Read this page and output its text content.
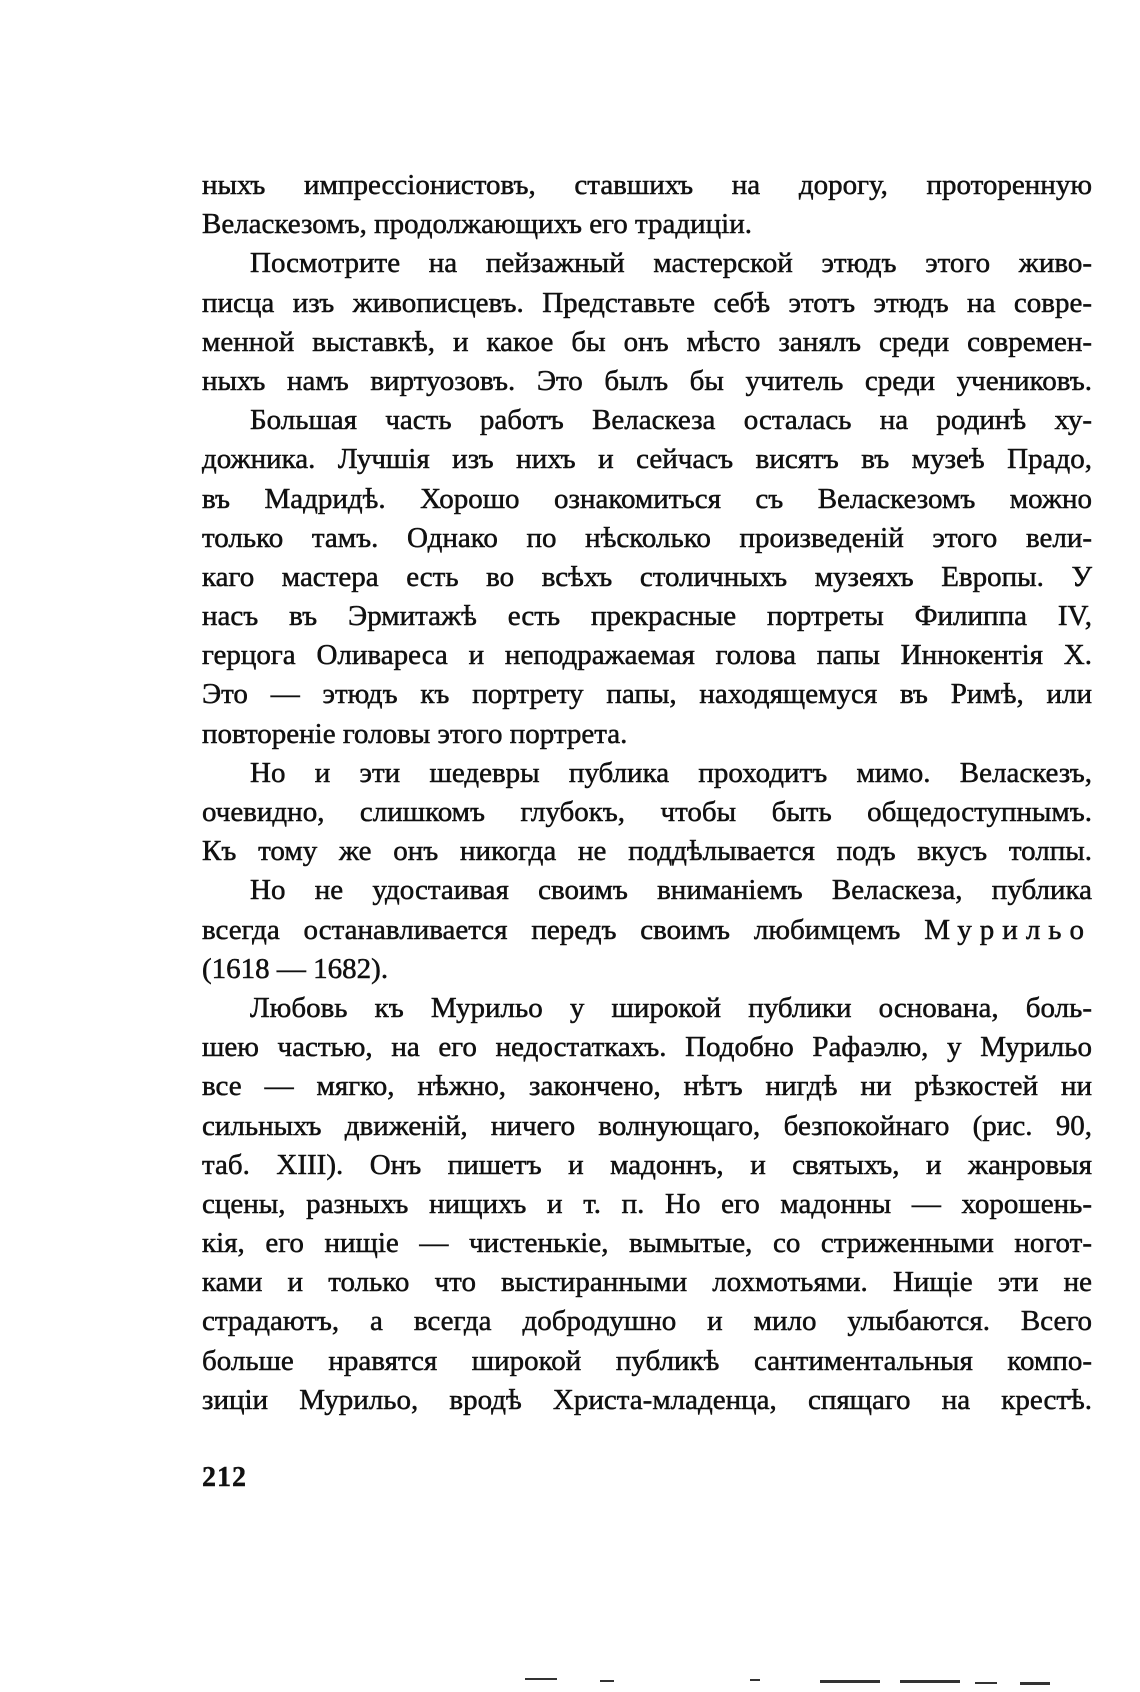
ныхъ импрессіонистовъ, ставшихъ на дорогу, протоpенную
Веласкезомъ, продолжающихъ его традиціи.
Посмотрите на пейзажный мастерской этюдъ этого живо-
писца изъ живописцевъ. Представьте себѣ этотъ этюдъ на совре-
менной выставкѣ, и какое бы онъ мѣсто занялъ среди современ-
ныхъ намъ виртуозовъ. Это былъ бы учитель среди учениковъ.
Большая часть работъ Веласкеза осталась на родинѣ ху-
дожника. Лучшія изъ нихъ и сейчасъ висятъ въ музеѣ Прадо,
въ Мадридѣ. Хорошо ознакомиться съ Веласкезомъ можно
только тамъ. Однако по нѣсколько произведеній этого вели-
каго мастера есть во всѣхъ столичныхъ музеяхъ Европы. У
насъ въ Эрмитажѣ есть прекрасные портреты Филиппа IV,
герцога Оливареса и неподражаемая голова папы Иннокентія X.
Это — этюдъ къ портрету папы, находящемуся въ Римѣ, или
повтореніе головы этого портрета.
Но и эти шедевры публика проходитъ мимо. Веласкезъ,
очевидно, слишкомъ глубокъ, чтобы быть общедоступнымъ.
Къ тому же онъ никогда не поддѣлывается подъ вкусъ толпы.
Но не удостаивая своимъ вниманіемъ Веласкеза, публика
всегда останавливается передъ своимъ любимцемъ Мурильо
(1618 — 1682).
Любовь къ Мурильо у широкой публики основана, боль-
шею частью, на его недостаткахъ. Подобно Рафаэлю, у Мурильо
все — мягко, нѣжно, закончено, нѣтъ нигдѣ ни рѣзкостей ни
сильныхъ движеній, ничего волнующаго, безпокойнаго (рис. 90,
таб. XIII). Онъ пишетъ и мадоннъ, и святыхъ, и жанровыя
сцены, разныхъ нищихъ и т. п. Но его мадонны — хорошень-
кія, его нищіе — чистенькіе, вымытые, со стриженными ногот-
ками и только что выстиранными лохмотьями. Нищіе эти не
страдаютъ, а всегда добродушно и мило улыбаются. Всего
больше нравятся широкой публикѣ сантиментальныя компо-
зиціи Мурильо, вродѣ Христа-младенца, спящаго на крестѣ.
212
